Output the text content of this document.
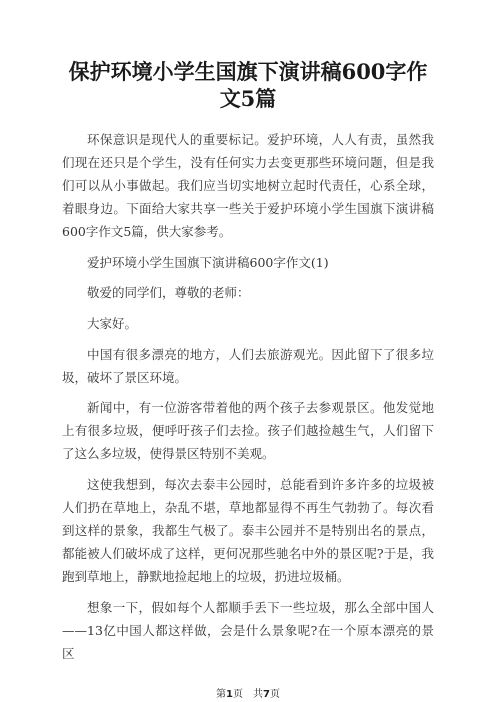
保护环境小学生国旗下演讲稿600字作文5篇

环保意识是现代人的重要标记。爱护环境，人人有责，虽然我们现在还只是个学生，没有任何实力去变更那些环境问题，但是我们可以从小事做起。我们应当切实地树立起时代责任，心系全球，着眼身边。下面给大家共享一些关于爱护环境小学生国旗下演讲稿600字作文5篇，供大家参考。

爱护环境小学生国旗下演讲稿600字作文(1)

敬爱的同学们，尊敬的老师：

大家好。

中国有很多漂亮的地方，人们去旅游观光。因此留下了很多垃圾，破坏了景区环境。

新闻中，有一位游客带着他的两个孩子去参观景区。他发觉地上有很多垃圾，便呼吁孩子们去捡。孩子们越捡越生气，人们留下了这么多垃圾，使得景区特别不美观。

这使我想到，每次去泰丰公园时，总能看到许多许多的垃圾被人们扔在草地上，杂乱不堪，草地都显得不再生气勃勃了。每次看到这样的景象，我都生气极了。泰丰公园并不是特别出名的景点，都能被人们破坏成了这样，更何况那些驰名中外的景区呢?于是，我跑到草地上，静默地捡起地上的垃圾，扔进垃圾桶。

想象一下，假如每个人都顺手丢下一些垃圾，那么全部中国人——13亿中国人都这样做，会是什么景象呢?在一个原本漂亮的景区

第1页　共7页
